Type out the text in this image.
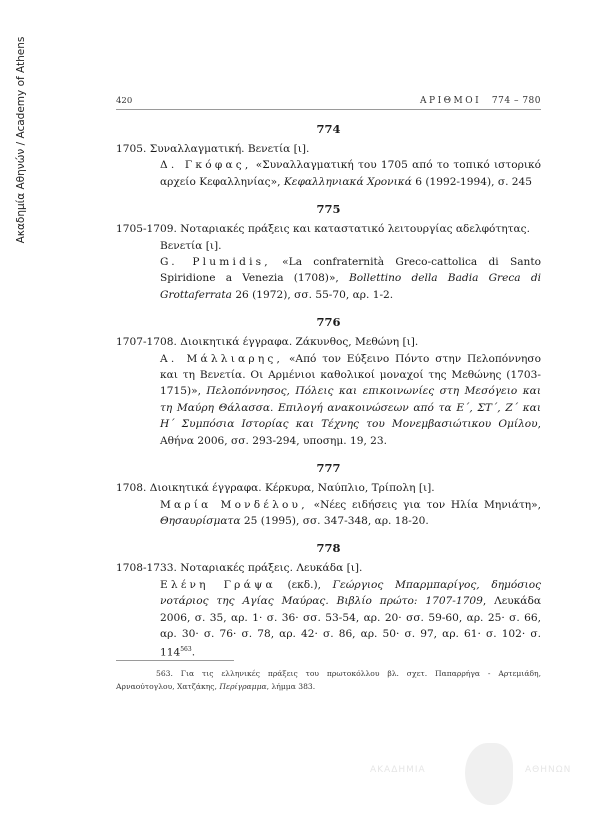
Ακαδημία Αθηνών / Academy of Athens	420	ΑΡΙΘΜΟΙ 774 – 780
774
1705. Συναλλαγματική. Βενετία [ι].
Δ. Γκόφας, «Συναλλαγματική του 1705 από το τοπικό ιστορικό αρχείο Κεφαλληνίας», Κεφαλληνιακά Χρονικά 6 (1992-1994), σ. 245
775
1705-1709. Νοταριακές πράξεις και καταστατικό λειτουργίας αδελφότητας. Βενετία [ι].
G. Plumidis, «La confraternità Greco-cattolica di Santo Spiridione a Venezia (1708)», Bollettino della Badia Greca di Grottaferrata 26 (1972), σσ. 55-70, αρ. 1-2.
776
1707-1708. Διοικητικά έγγραφα. Ζάκυνθος, Μεθώνη [ι].
Α. Μάλλιαρης, «Από τον Εύξεινο Πόντο στην Πελοπόννησο και τη Βενετία. Οι Αρμένιοι καθολικοί μοναχοί της Μεθώνης (1703-1715)», Πελοπόννησος, Πόλεις και επικοινωνίες στη Μεσόγειο και τη Μαύρη Θάλασσα. Επιλογή ανακοινώσεων από τα Ε΄, ΣΤ΄, Ζ΄ και Η΄ Συμπόσια Ιστορίας και Τέχνης του Μονεμβασιώτικου Ομίλου, Αθήνα 2006, σσ. 293-294, υποσημ. 19, 23.
777
1708. Διοικητικά έγγραφα. Κέρκυρα, Ναύπλιο, Τρίπολη [ι].
Μαρία Μονδέλου, «Νέες ειδήσεις για τον Ηλία Μηνιάτη», Θησαυρίσματα 25 (1995), σσ. 347-348, αρ. 18-20.
778
1708-1733. Νοταριακές πράξεις. Λευκάδα [ι].
Ελένη Γράψα (εκδ.), Γεώργιος Μπαρμπαρίγος, δημόσιος νοτάριος της Αγίας Μαύρας. Βιβλίο πρώτο: 1707-1709, Λευκάδα 2006, σ. 35, αρ. 1· σ. 36· σσ. 53-54, αρ. 20· σσ. 59-60, αρ. 25· σ. 66, αρ. 30· σ. 76· σ. 78, αρ. 42· σ. 86, αρ. 50· σ. 97, αρ. 61· σ. 102· σ. $114^{563}$.
563. Για τις ελληνικές πράξεις του πρωτοκόλλου βλ. σχετ. Παπαρρήγα - Αρτεμιάδη, Αρναούτογλου, Χατζάκης, Περίγραμμα, λήμμα 383.
ΑΚΑΔΗΜΙΑ	ΑΘΗΝΩΝ
